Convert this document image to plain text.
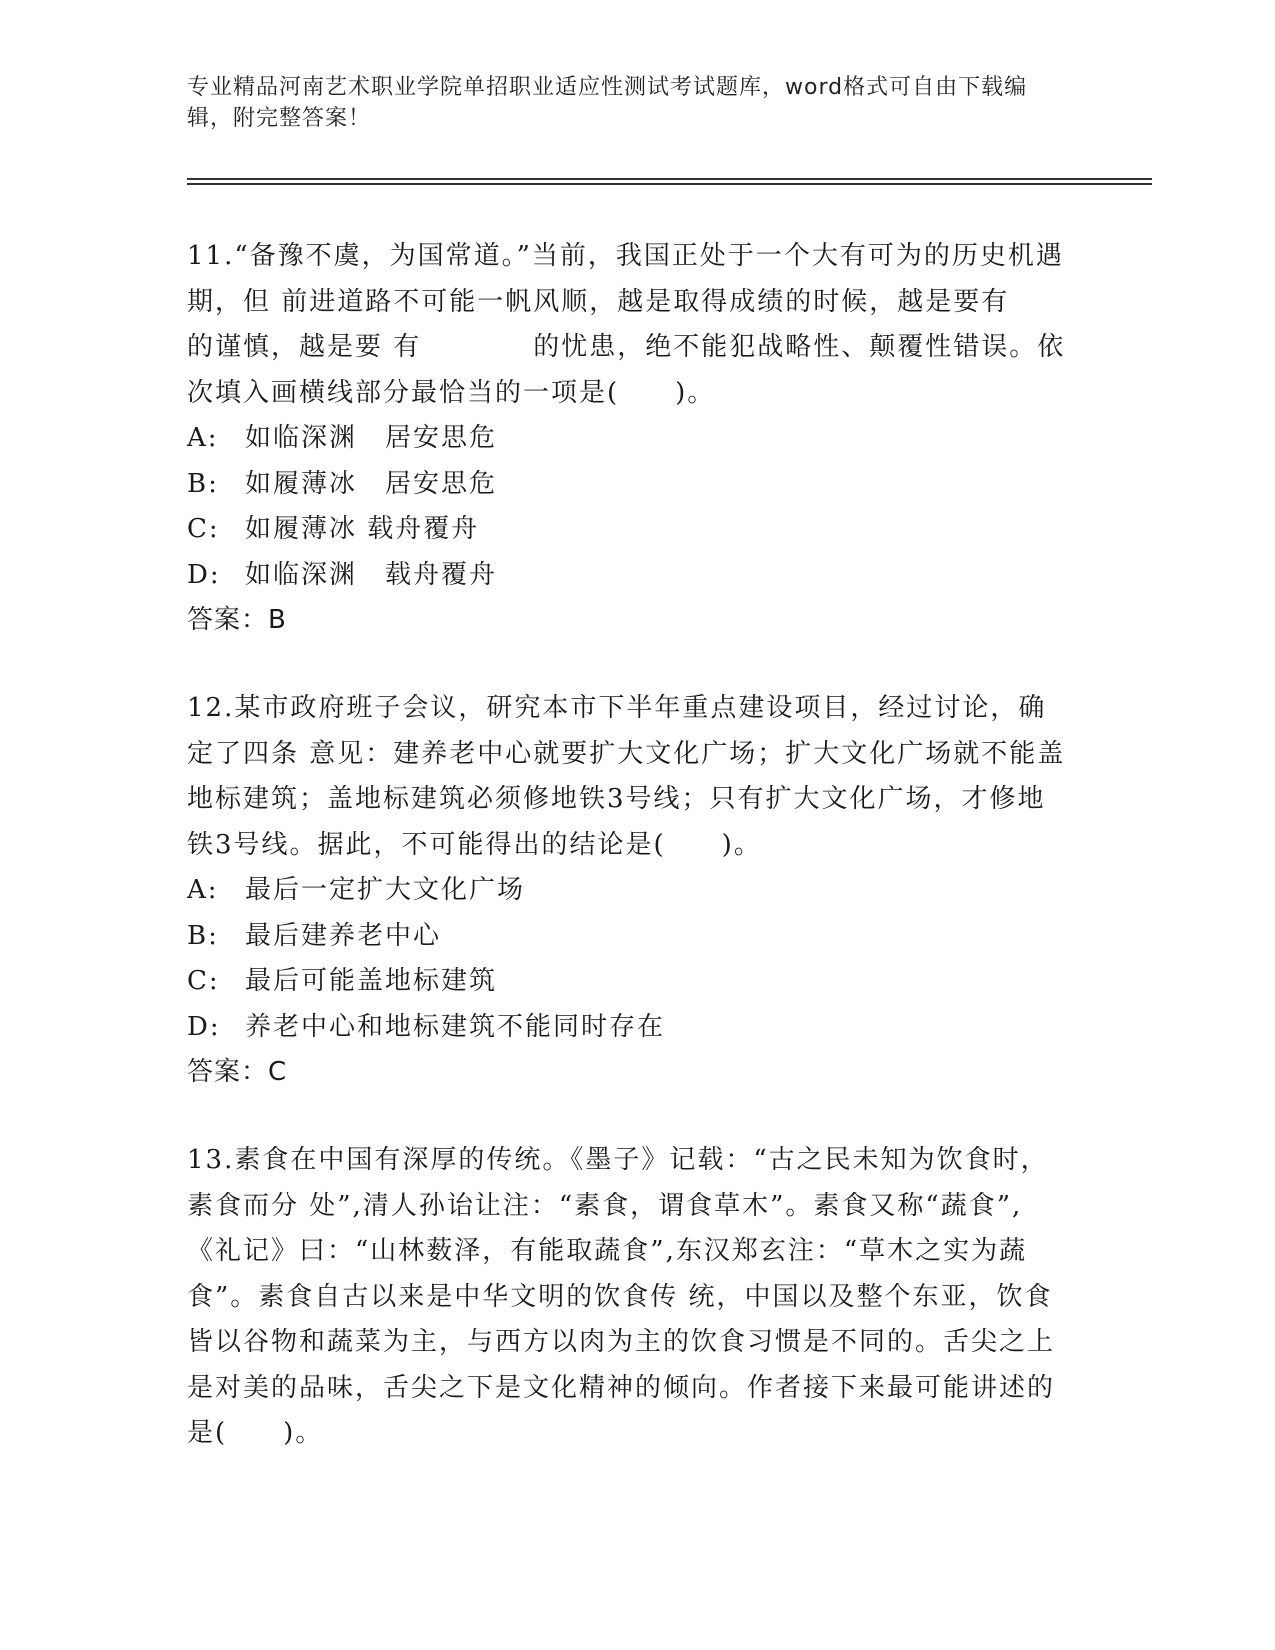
专业精品河南艺术职业学院单招职业适应性测试考试题库，word格式可自由下载编辑，附完整答案！

11.“备豫不虞，为国常道。”当前，我国正处于一个大有可为的历史机遇期，但 前进道路不可能一帆风顺，越是取得成绩的时候，越是要有　　　　的谨慎，越是要 有　　　　的忧患，绝不能犯战略性、颠覆性错误。依次填入画横线部分最恰当的一项是(　　)。

A: 如临深渊　居安思危
B: 如履薄冰　居安思危
C: 如履薄冰 载舟覆舟
D: 如临深渊　载舟覆舟
答案：B

12.某市政府班子会议，研究本市下半年重点建设项目，经过讨论，确定了四条 意见：建养老中心就要扩大文化广场；扩大文化广场就不能盖地标建筑；盖地标建筑必须修地铁3号线；只有扩大文化广场，才修地铁3号线。据此，不可能得出的结论是(　　)。

A: 最后一定扩大文化广场
B: 最后建养老中心
C: 最后可能盖地标建筑
D: 养老中心和地标建筑不能同时存在
答案：C

13.素食在中国有深厚的传统。《墨子》记载：“古之民未知为饮食时，素食而分 处”,清人孙诒让注：“素食，谓食草木”。素食又称“蔬食”,《礼记》曰：“山林薮泽，有能取蔬食”,东汉郑玄注：“草木之实为蔬食”。素食自古以来是中华文明的饮食传 统，中国以及整个东亚，饮食皆以谷物和蔬菜为主，与西方以肉为主的饮食习惯是不同的。舌尖之上是对美的品味，舌尖之下是文化精神的倾向。作者接下来最可能讲述的是(　　)。
